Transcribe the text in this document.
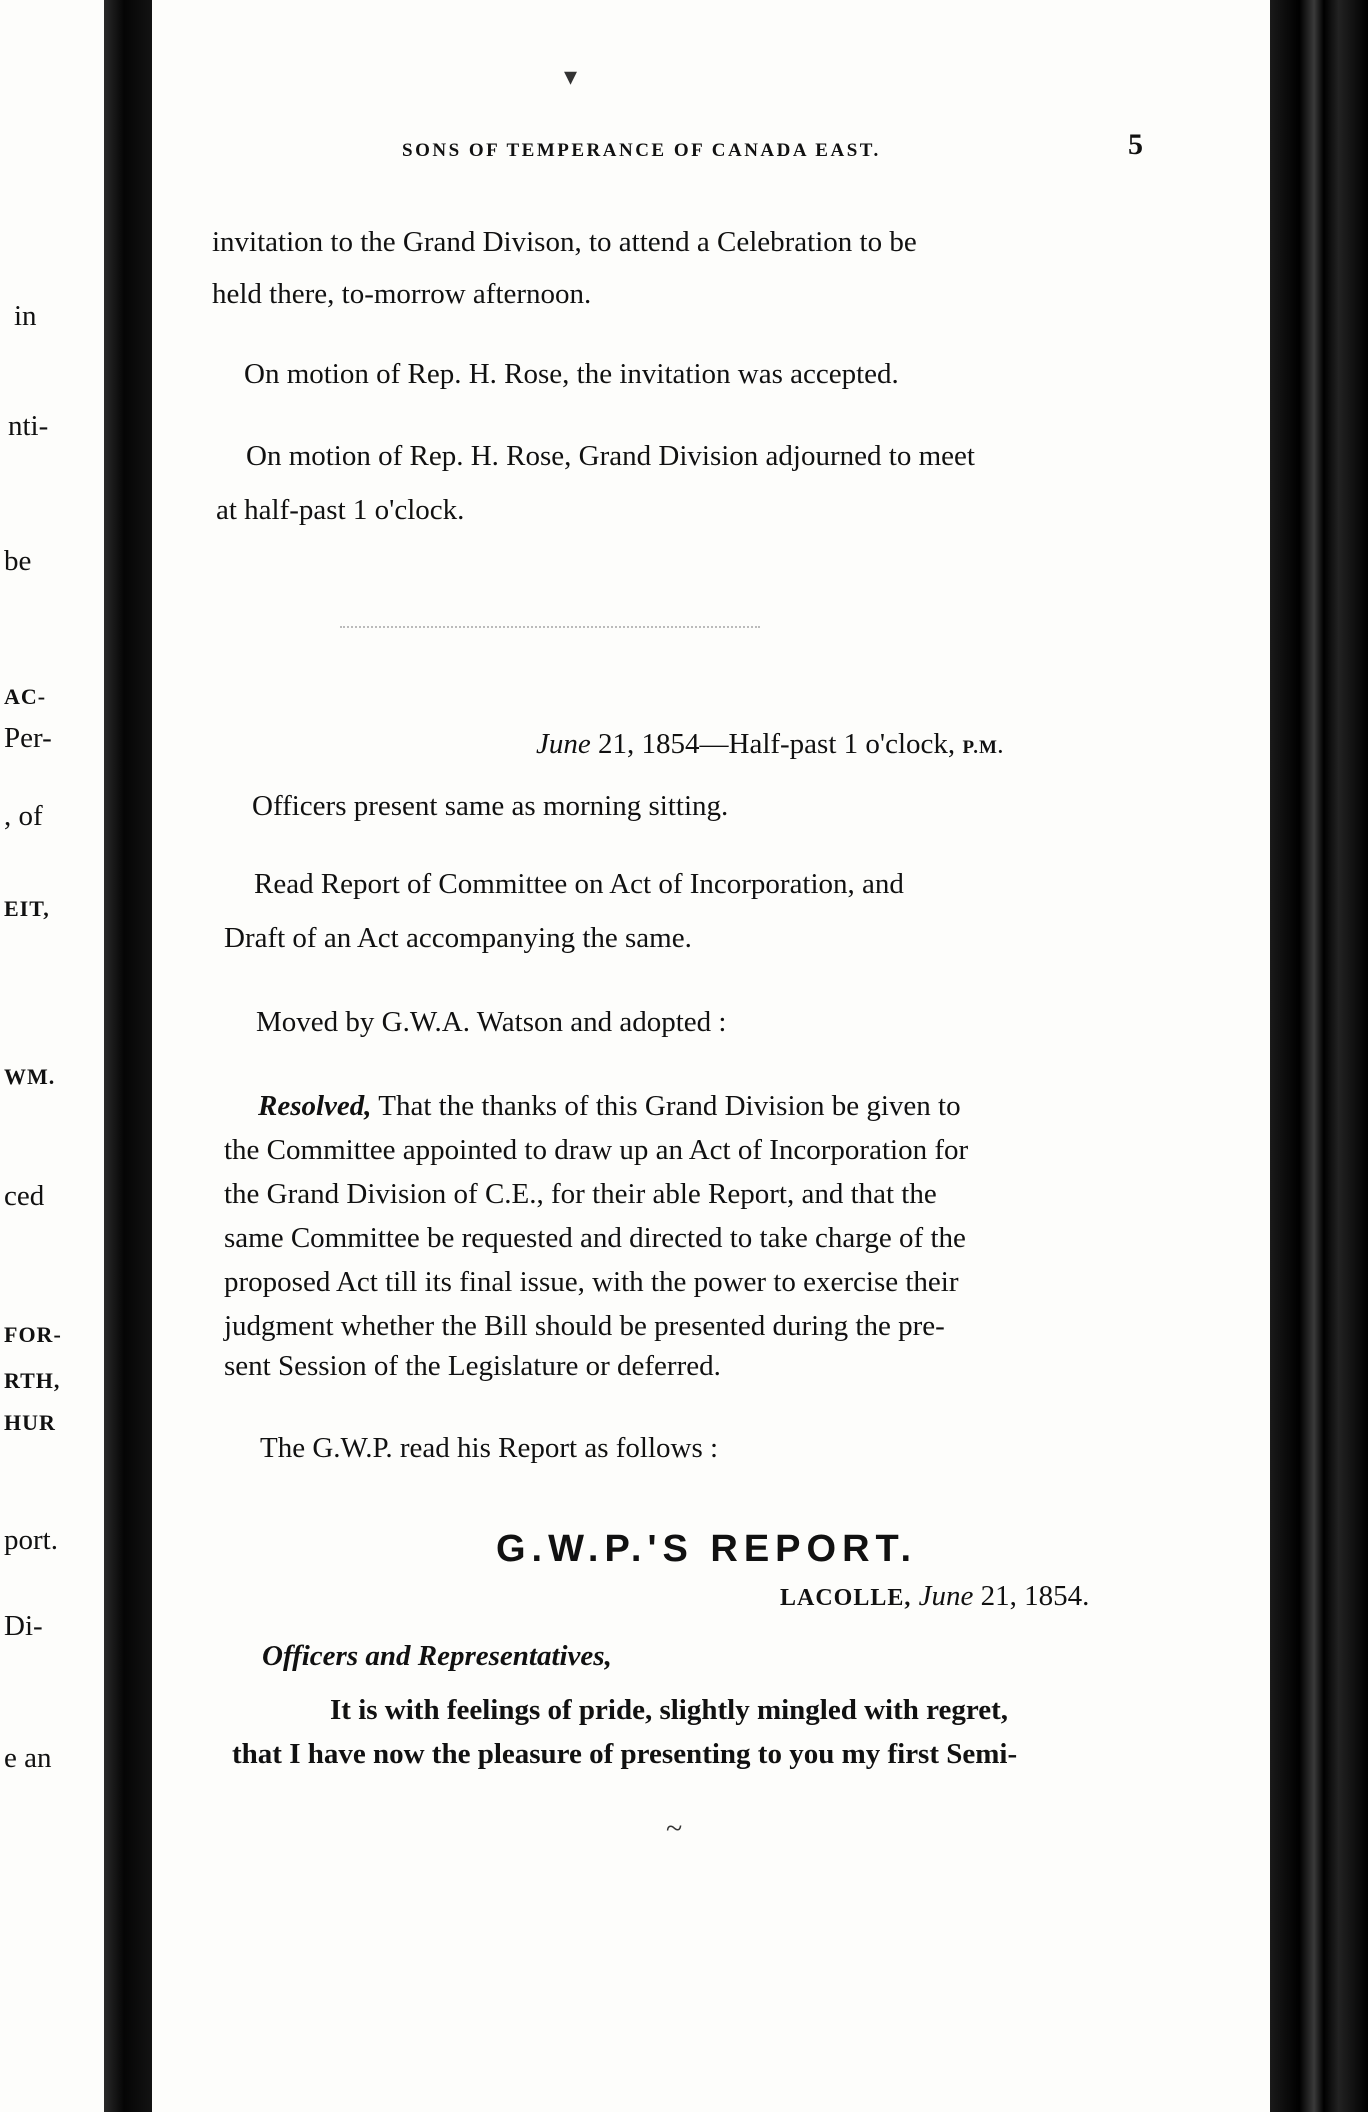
in
nti-
be
AC-
Per-
, of
EIT,
WM.
ced
FOR-
RTH,
HUR
port.
Di-
e an
SONS OF TEMPERANCE OF CANADA EAST.	5
invitation to the Grand Divison, to attend a Celebration to be
held there, to-morrow afternoon.
On motion of Rep. H. Rose, the invitation was accepted.
On motion of Rep. H. Rose, Grand Division adjourned to meet
at half-past 1 o'clock.
June 21, 1854—Half-past 1 o'clock, P.M.
Officers present same as morning sitting.
Read Report of Committee on Act of Incorporation, and
Draft of an Act accompanying the same.
Moved by G.W.A. Watson and adopted :
Resolved, That the thanks of this Grand Division be given to
the Committee appointed to draw up an Act of Incorporation for
the Grand Division of C.E., for their able Report, and that the
same Committee be requested and directed to take charge of the
proposed Act till its final issue, with the power to exercise their
judgment whether the Bill should be presented during the pre-
sent Session of the Legislature or deferred.
The G.W.P. read his Report as follows :
G.W.P.'S REPORT.
LACOLLE, June 21, 1854.
Officers and Representatives,
It is with feelings of pride, slightly mingled with regret,
that I have now the pleasure of presenting to you my first Semi-
▾
~
